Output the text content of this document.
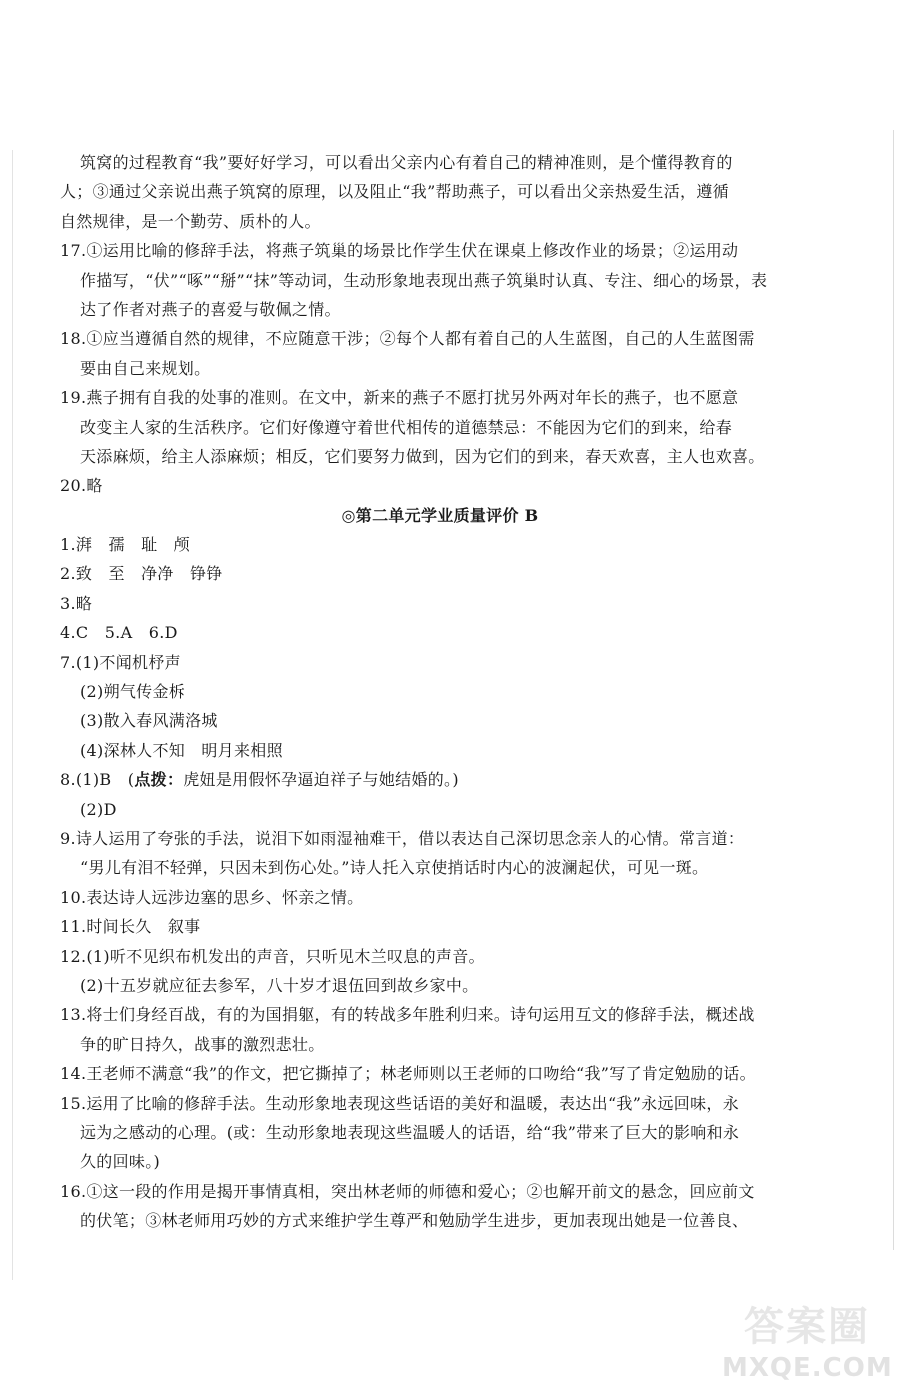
筑窝的过程教育“我”要好好学习，可以看出父亲内心有着自己的精神准则，是个懂得教育的
人；③通过父亲说出燕子筑窝的原理，以及阻止“我”帮助燕子，可以看出父亲热爱生活，遵循
自然规律，是一个勤劳、质朴的人。
17.①运用比喻的修辞手法，将燕子筑巢的场景比作学生伏在课桌上修改作业的场景；②运用动
作描写，“伏”“啄”“掰”“抹”等动词，生动形象地表现出燕子筑巢时认真、专注、细心的场景，表
达了作者对燕子的喜爱与敬佩之情。
18.①应当遵循自然的规律，不应随意干涉；②每个人都有着自己的人生蓝图，自己的人生蓝图需
要由自己来规划。
19.燕子拥有自我的处事的准则。在文中，新来的燕子不愿打扰另外两对年长的燕子，也不愿意
改变主人家的生活秩序。它们好像遵守着世代相传的道德禁忌：不能因为它们的到来，给春
天添麻烦，给主人添麻烦；相反，它们要努力做到，因为它们的到来，春天欢喜，主人也欢喜。
20.略
◎第二单元学业质量评价 B
1.湃　孺　耻　颅
2.致　至　净净　铮铮
3.略
4.C　5.A　6.D
7.(1)不闻机杼声
(2)朔气传金柝
(3)散入春风满洛城
(4)深林人不知　明月来相照
8.(1)B　(点拨：虎妞是用假怀孕逼迫祥子与她结婚的。)
(2)D
9.诗人运用了夸张的手法，说泪下如雨湿袖难干，借以表达自己深切思念亲人的心情。常言道：
“男儿有泪不轻弹，只因未到伤心处。”诗人托入京使捎话时内心的波澜起伏，可见一斑。
10.表达诗人远涉边塞的思乡、怀亲之情。
11.时间长久　叙事
12.(1)听不见织布机发出的声音，只听见木兰叹息的声音。
(2)十五岁就应征去参军，八十岁才退伍回到故乡家中。
13.将士们身经百战，有的为国捐躯，有的转战多年胜利归来。诗句运用互文的修辞手法，概述战
争的旷日持久，战事的激烈悲壮。
14.王老师不满意“我”的作文，把它撕掉了；林老师则以王老师的口吻给“我”写了肯定勉励的话。
15.运用了比喻的修辞手法。生动形象地表现这些话语的美好和温暖，表达出“我”永远回味，永
远为之感动的心理。(或：生动形象地表现这些温暖人的话语，给“我”带来了巨大的影响和永
久的回味。)
16.①这一段的作用是揭开事情真相，突出林老师的师德和爱心；②也解开前文的悬念，回应前文
的伏笔；③林老师用巧妙的方式来维护学生尊严和勉励学生进步，更加表现出她是一位善良、
答案圈
MXQE.COM
